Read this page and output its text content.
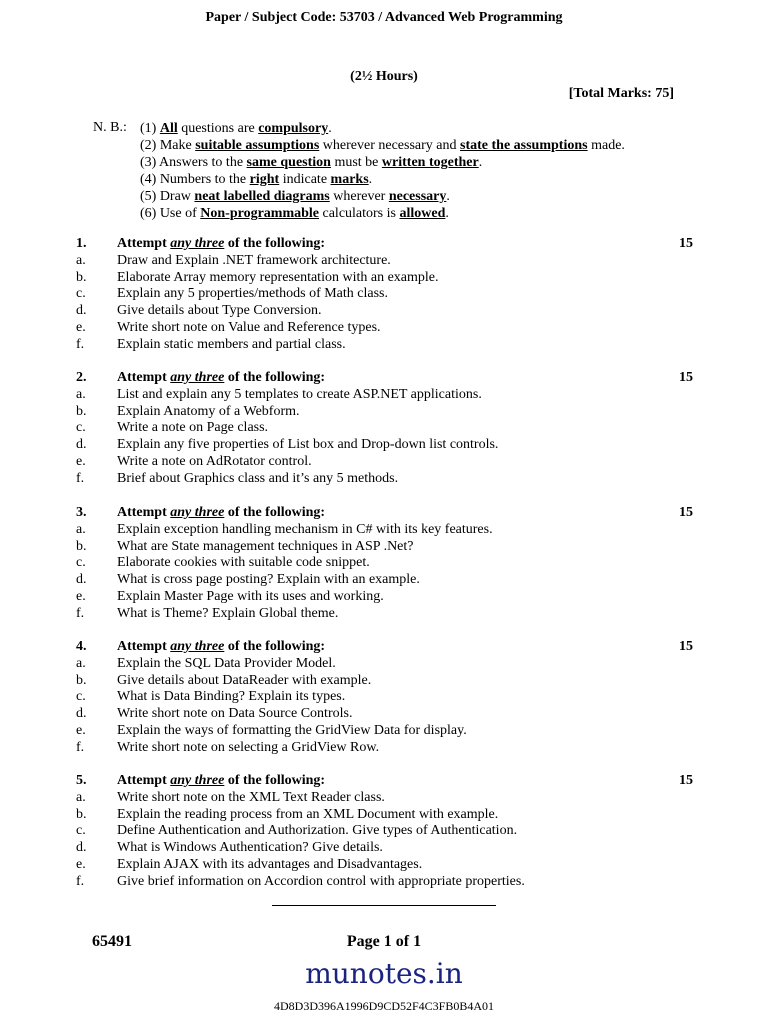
Paper / Subject Code: 53703 / Advanced Web Programming
(2½ Hours)
[Total Marks: 75]
N. B.: (1) All questions are compulsory.
(2) Make suitable assumptions wherever necessary and state the assumptions made.
(3) Answers to the same question must be written together.
(4) Numbers to the right indicate marks.
(5) Draw neat labelled diagrams wherever necessary.
(6) Use of Non-programmable calculators is allowed.
1. Attempt any three of the following:	15
a. Draw and Explain .NET framework architecture.
b. Elaborate Array memory representation with an example.
c. Explain any 5 properties/methods of Math class.
d. Give details about Type Conversion.
e. Write short note on Value and Reference types.
f. Explain static members and partial class.
2. Attempt any three of the following:	15
a. List and explain any 5 templates to create ASP.NET applications.
b. Explain Anatomy of a Webform.
c. Write a note on Page class.
d. Explain any five properties of List box and Drop-down list controls.
e. Write a note on AdRotator control.
f. Brief about Graphics class and it’s any 5 methods.
3. Attempt any three of the following:	15
a. Explain exception handling mechanism in C# with its key features.
b. What are State management techniques in ASP .Net?
c. Elaborate cookies with suitable code snippet.
d. What is cross page posting? Explain with an example.
e. Explain Master Page with its uses and working.
f. What is Theme? Explain Global theme.
4. Attempt any three of the following:	15
a. Explain the SQL Data Provider Model.
b. Give details about DataReader with example.
c. What is Data Binding? Explain its types.
d. Write short note on Data Source Controls.
e. Explain the ways of formatting the GridView Data for display.
f. Write short note on selecting a GridView Row.
5. Attempt any three of the following:	15
a. Write short note on the XML Text Reader class.
b. Explain the reading process from an XML Document with example.
c. Define Authentication and Authorization. Give types of Authentication.
d. What is Windows Authentication? Give details.
e. Explain AJAX with its advantages and Disadvantages.
f. Give brief information on Accordion control with appropriate properties.
65491	Page 1 of 1
munotes.in
4D8D3D396A1996D9CD52F4C3FB0B4A01
